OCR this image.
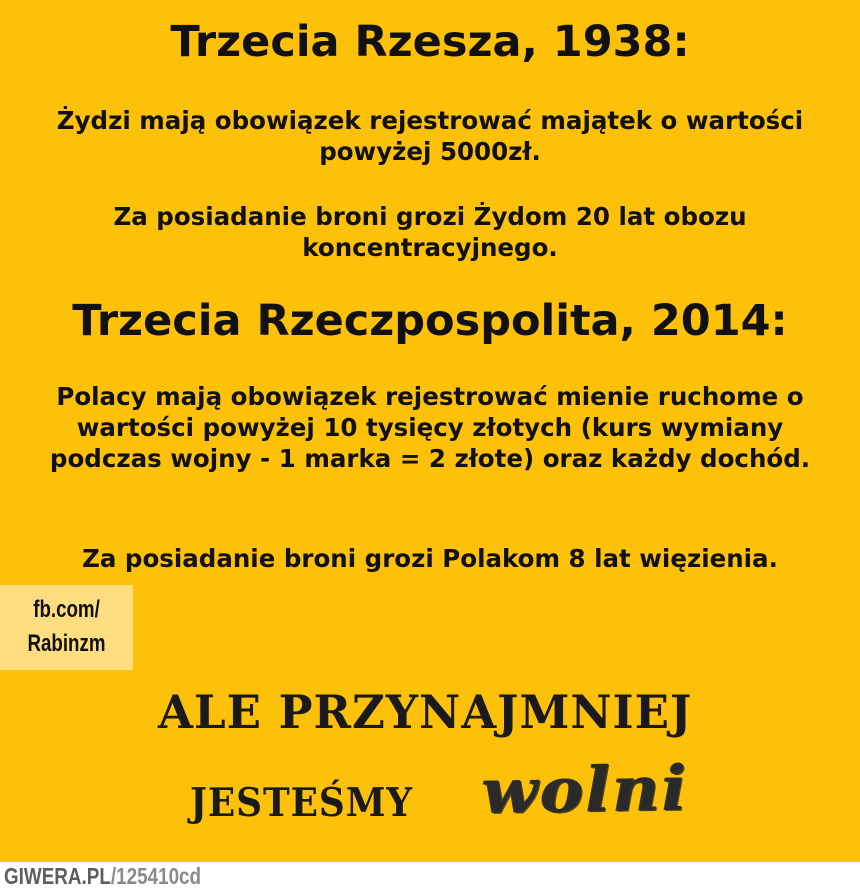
Trzecia Rzesza, 1938:

Żydzi mają obowiązek rejestrować majątek o wartości powyżej 5000zł.

Za posiadanie broni grozi Żydom 20 lat obozu koncentracyjnego.

Trzecia Rzeczpospolita, 2014:

Polacy mają obowiązek rejestrować mienie ruchome o wartości powyżej 10 tysięcy złotych (kurs wymiany podczas wojny - 1 marka = 2 złote) oraz każdy dochód.

Za posiadanie broni grozi Polakom 8 lat więzienia.

fb.com/
Rabinzm
ALE PRZYNAJMNIEJ
JESTEŚMY wolni
GIWERA.PL/125410cd
